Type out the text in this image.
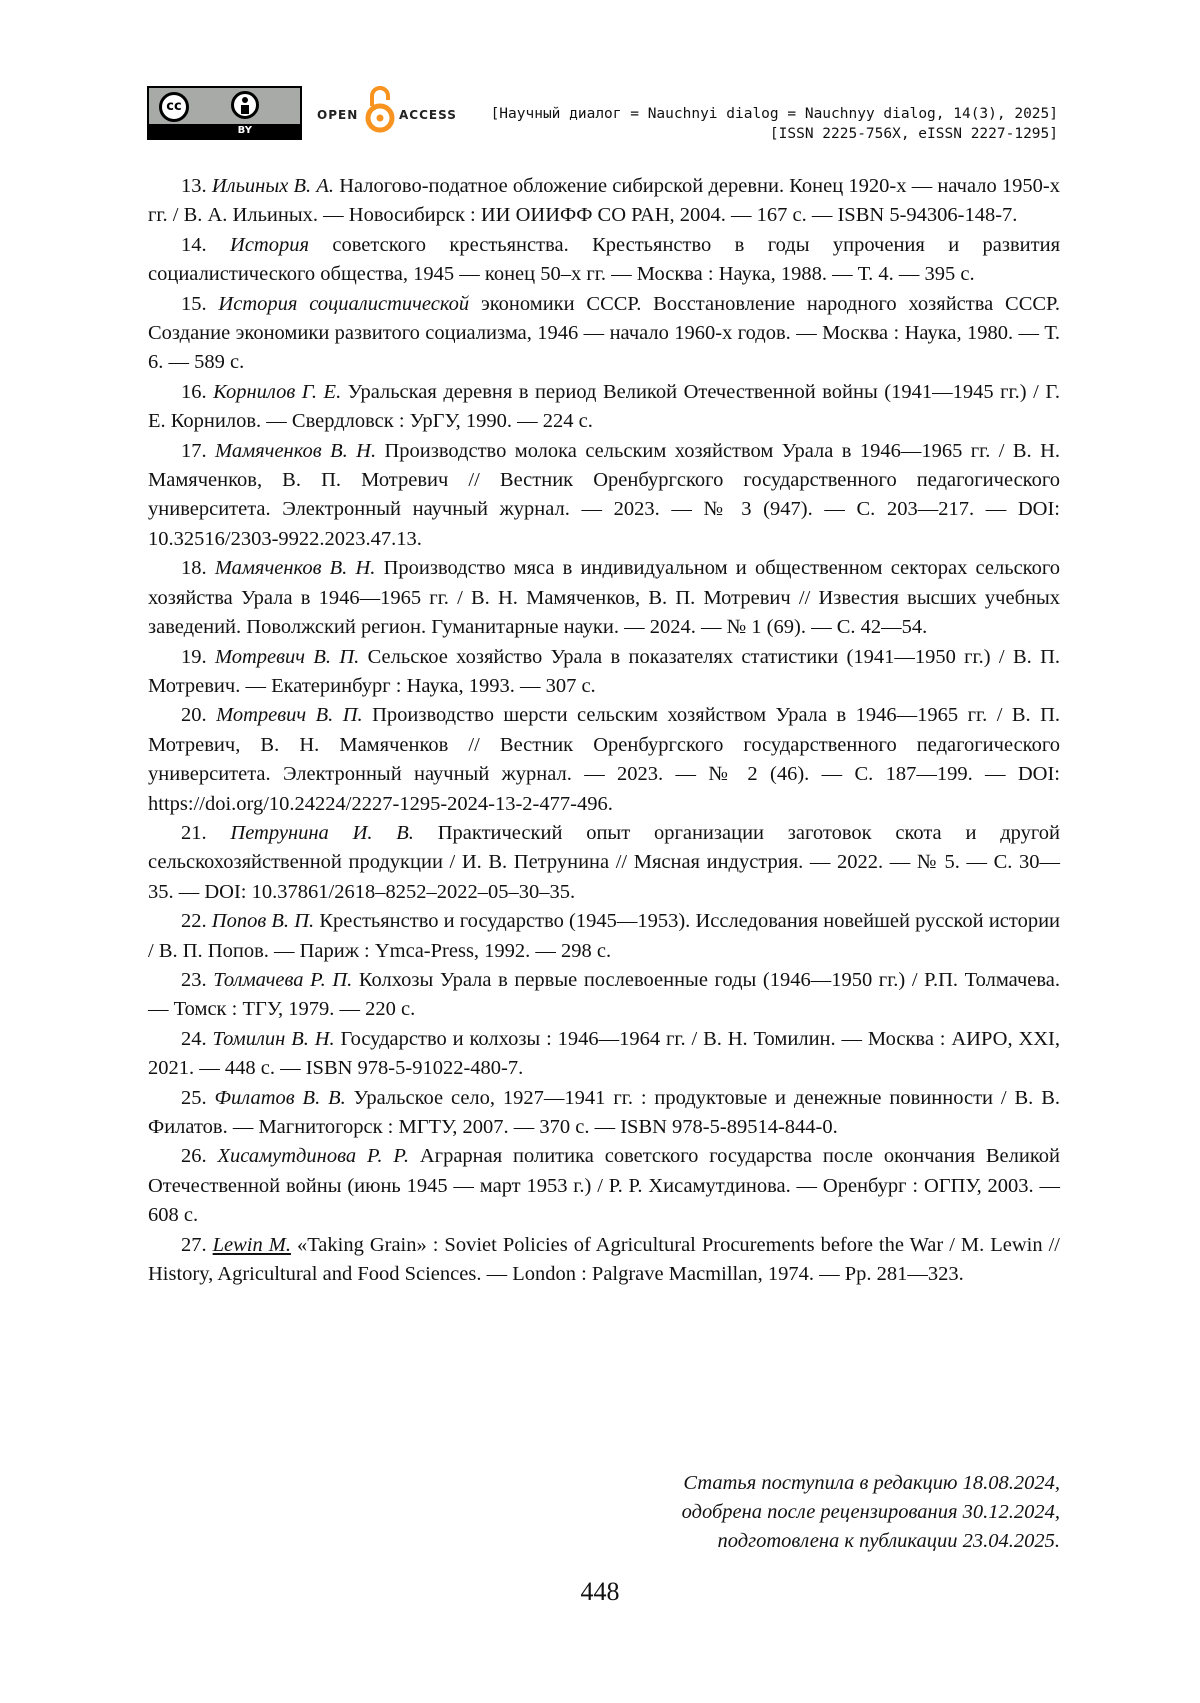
cc
BY
OPEN	ACCESS [Научный диалог = Nauchnyi dialog = Nauchnyy dialog, 14(3), 2025]
[ISSN 2225-756X, eISSN 2227-1295]

13. Ильиных В. А. Налогово-податное обложение сибирской деревни. Конец 1920-х — начало 1950-х гг. / В. А. Ильиных. — Новосибирск : ИИ ОИИФФ СО РАН, 2004. — 167 с. — ISBN 5-94306-148-7.

14. История советского крестьянства. Крестьянство в годы упрочения и развития социалистического общества, 1945 — конец 50–х гг. — Москва : Наука, 1988. — Т. 4. — 395 с.

15. История социалистической экономики СССР. Восстановление народного хозяйства СССР. Создание экономики развитого социализма, 1946 — начало 1960-х годов. — Москва : Наука, 1980. — Т. 6. — 589 с.

16. Корнилов Г. Е. Уральская деревня в период Великой Отечественной войны (1941—1945 гг.) / Г. Е. Корнилов. — Свердловск : УрГУ, 1990. — 224 с.

17. Мамяченков В. Н. Производство молока сельским хозяйством Урала в 1946—1965 гг. / В. Н. Мамяченков, В. П. Мотревич // Вестник Оренбургского государственного педагогического университета. Электронный научный журнал. — 2023. — № 3 (947). — С. 203—217. — DOI: 10.32516/2303-9922.2023.47.13.

18. Мамяченков В. Н. Производство мяса в индивидуальном и общественном секторах сельского хозяйства Урала в 1946—1965 гг. / В. Н. Мамяченков, В. П. Мотревич // Известия высших учебных заведений. Поволжский регион. Гуманитарные науки. — 2024. — № 1 (69). — С. 42—54.

19. Мотревич В. П. Сельское хозяйство Урала в показателях статистики (1941—1950 гг.) / В. П. Мотревич. — Екатеринбург : Наука, 1993. — 307 с.

20. Мотревич В. П. Производство шерсти сельским хозяйством Урала в 1946—1965 гг. / В. П. Мотревич, В. Н. Мамяченков // Вестник Оренбургского государственного педагогического университета. Электронный научный журнал. — 2023. — № 2 (46). — С. 187—199. — DOI: https://doi.org/10.24224/2227-1295-2024-13-2-477-496.

21. Петрунина И. В. Практический опыт организации заготовок скота и другой сельскохозяйственной продукции / И. В. Петрунина // Мясная индустрия. — 2022. — № 5. — С. 30—35. — DOI: 10.37861/2618–8252–2022–05–30–35.

22. Попов В. П. Крестьянство и государство (1945—1953). Исследования новейшей русской истории / В. П. Попов. — Париж : Ymca-Press, 1992. — 298 с.

23. Толмачева Р. П. Колхозы Урала в первые послевоенные годы (1946—1950 гг.) / Р.П. Толмачева. — Томск : ТГУ, 1979. — 220 с.

24. Томилин В. Н. Государство и колхозы : 1946—1964 гг. / В. Н. Томилин. — Москва : АИРО, XXI, 2021. — 448 с. — ISBN 978-5-91022-480-7.

25. Филатов В. В. Уральское село, 1927—1941 гг. : продуктовые и денежные повинности / В. В. Филатов. — Магнитогорск : МГТУ, 2007. — 370 с. — ISBN 978-5-89514-844-0.

26. Хисамутдинова Р. Р. Аграрная политика советского государства после окончания Великой Отечественной войны (июнь 1945 — март 1953 г.) / Р. Р. Хисамутдинова. — Оренбург : ОГПУ, 2003. — 608 с.

27. Lewin M. «Taking Grain» : Soviet Policies of Agricultural Procurements before the War / M. Lewin // History, Agricultural and Food Sciences. — London : Palgrave Macmillan, 1974. — Pp. 281—323.

Статья поступила в редакцию 18.08.2024,
одобрена после рецензирования 30.12.2024,
подготовлена к публикации 23.04.2025.
448
